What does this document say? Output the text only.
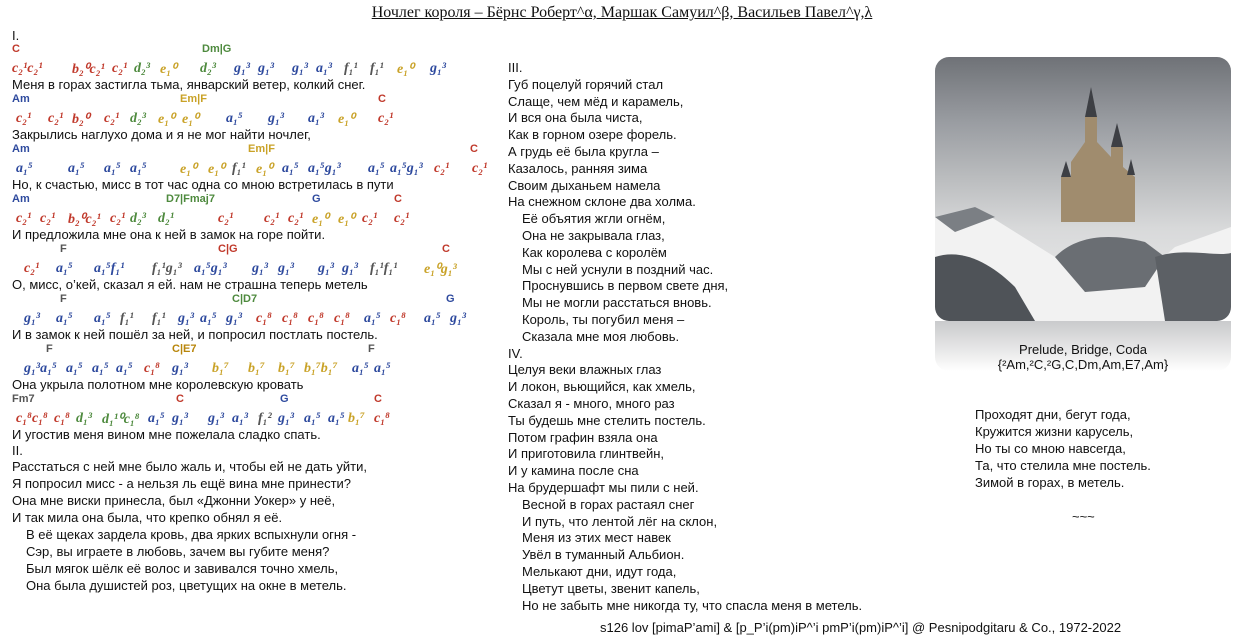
Ночлег короля – Бёрнс Роберт^α, Маршак Самуил^β, Васильев Павел^γ,λ
I.
C	Dm|G
c₂¹c₂¹ b₂⁰c₂¹ c₂¹ d₂³ e₁⁰ d₂³ g₁³ g₁³ g₁³ a₁³ f₁¹ f₁¹ e₁⁰ g₁³
Меня в горах застигла тьма, январский ветер, колкий снег.
Am	Em|F	C
c₂¹ c₂¹ b₂⁰ c₂¹ d₂³ e₁⁰ e₁⁰ a₁⁵ g₁³ a₁³ e₁⁰ c₂¹
Закрылись наглухо дома и я не мог найти ночлег,
Am	Em|F	C
a₁⁵	a₁⁵ a₁⁵ a₁⁵ e₁⁰ e₁⁰ f₁¹ e₁⁰ a₁⁵ a₁⁵g₁³ a₁⁵ a₁⁵g₁³ c₂¹ c₂¹
Но, к счастью, мисс в тот час одна со мною встретилась в пути
Am	D7|Fmaj7	G	C
c₂¹ c₂¹ b₂⁰c₂¹ c₂¹ d₂³ d₂¹	c₂¹ c₂¹ c₂¹ e₁⁰ e₁⁰ c₂¹ c₂¹
И предложила мне она к ней в замок на горе пойти.
F	C|G	C
c₂¹ a₁⁵ a₁⁵f₁¹ f₁¹g₁³ a₁⁵g₁³ g₁³ g₁³ g₁³ g₁³ f₁¹f₁¹ e₁⁰g₁³
О, мисс, о’кей, сказал я ей. нам не страшна теперь метель
F	C|D7	G
g₁³ a₁⁵ a₁⁵ f₁¹ f₁¹ g₁³ a₁⁵ g₁³ c₁⁸ c₁⁸ c₁⁸ c₁⁸ a₁⁵ c₁⁸ a₁⁵ g₁³
И в замок к ней пошёл за ней, и попросил постлать постель.
F	C|E7	F
g₁³a₁⁵ a₁⁵ a₁⁵ a₁⁵ c₁⁸ g₁³ b₁⁷ b₁⁷ b₁⁷ b₁⁷b₁⁷ a₁⁵ a₁⁵
Она укрыла полотном мне королевскую кровать
Fm7	C	G	C
c₁⁸c₁⁸ c₁⁸ d₁³ d₁¹⁰c₁⁸ a₁⁵ g₁³ g₁³ a₁³ f₁² g₁³ a₁⁵ a₁⁵ b₁⁷ c₁⁸
И угостив меня вином мне пожелала сладко спать.
II.
Расстаться с ней мне было жаль и, чтобы ей не дать уйти,
Я попросил мисс - а нельзя ль ещё вина мне принести?
Она мне виски принесла, был «Джонни Уокер» у неё,
И так мила она была, что крепко обнял я её.
В её щеках зардела кровь, два ярких вспыхнули огня -
Сэр, вы играете в любовь, зачем вы губите меня?
Был мягок шёлк её волос и завивался точно хмель,
Она была душистей роз, цветущих на окне в метель.
III.
Губ поцелуй горячий стал
Слаще, чем мёд и карамель,
И вся она была чиста,
Как в горном озере форель.
А грудь её была кругла –
Казалось, ранняя зима
Своим дыханьем намела
На снежном склоне два холма.
Её объятия жгли огнём,
Она не закрывала глаз,
Как королева с королём
Мы с ней уснули в поздний час.
Проснувшись в первом свете дня,
Мы не могли расстаться вновь.
Король, ты погубил меня –
Сказала мне моя любовь.
IV.
Целуя веки влажных глаз
И локон, вьющийся, как хмель,
Сказал я - много, много раз
Ты будешь мне стелить постель.
Потом графин взяла она
И приготовила глинтвейн,
И у камина после сна
На брудершафт мы пили с ней.
Весной в горах растаял снег
И путь, что лентой лёг на склон,
Меня из этих мест навек
Увёл в туманный Альбион.
Мелькают дни, идут года,
Цветут цветы, звенит капель,
Но не забыть мне никогда ту, что спасла меня в метель.
Prelude, Bridge, Coda
{²Am,²C,²G,C,Dm,Am,E7,Am}
Проходят дни, бегут года,
Кружится жизни карусель,
Но ты со мною навсегда,
Та, что стелила мне постель.
Зимой в горах, в метель.
~~~
s126 lov [pimaP’ami] & [p_P’i(pm)iP^’i pmP’i(pm)iP^’i] @ Pesnipodgitaru & Co., 1972-2022
